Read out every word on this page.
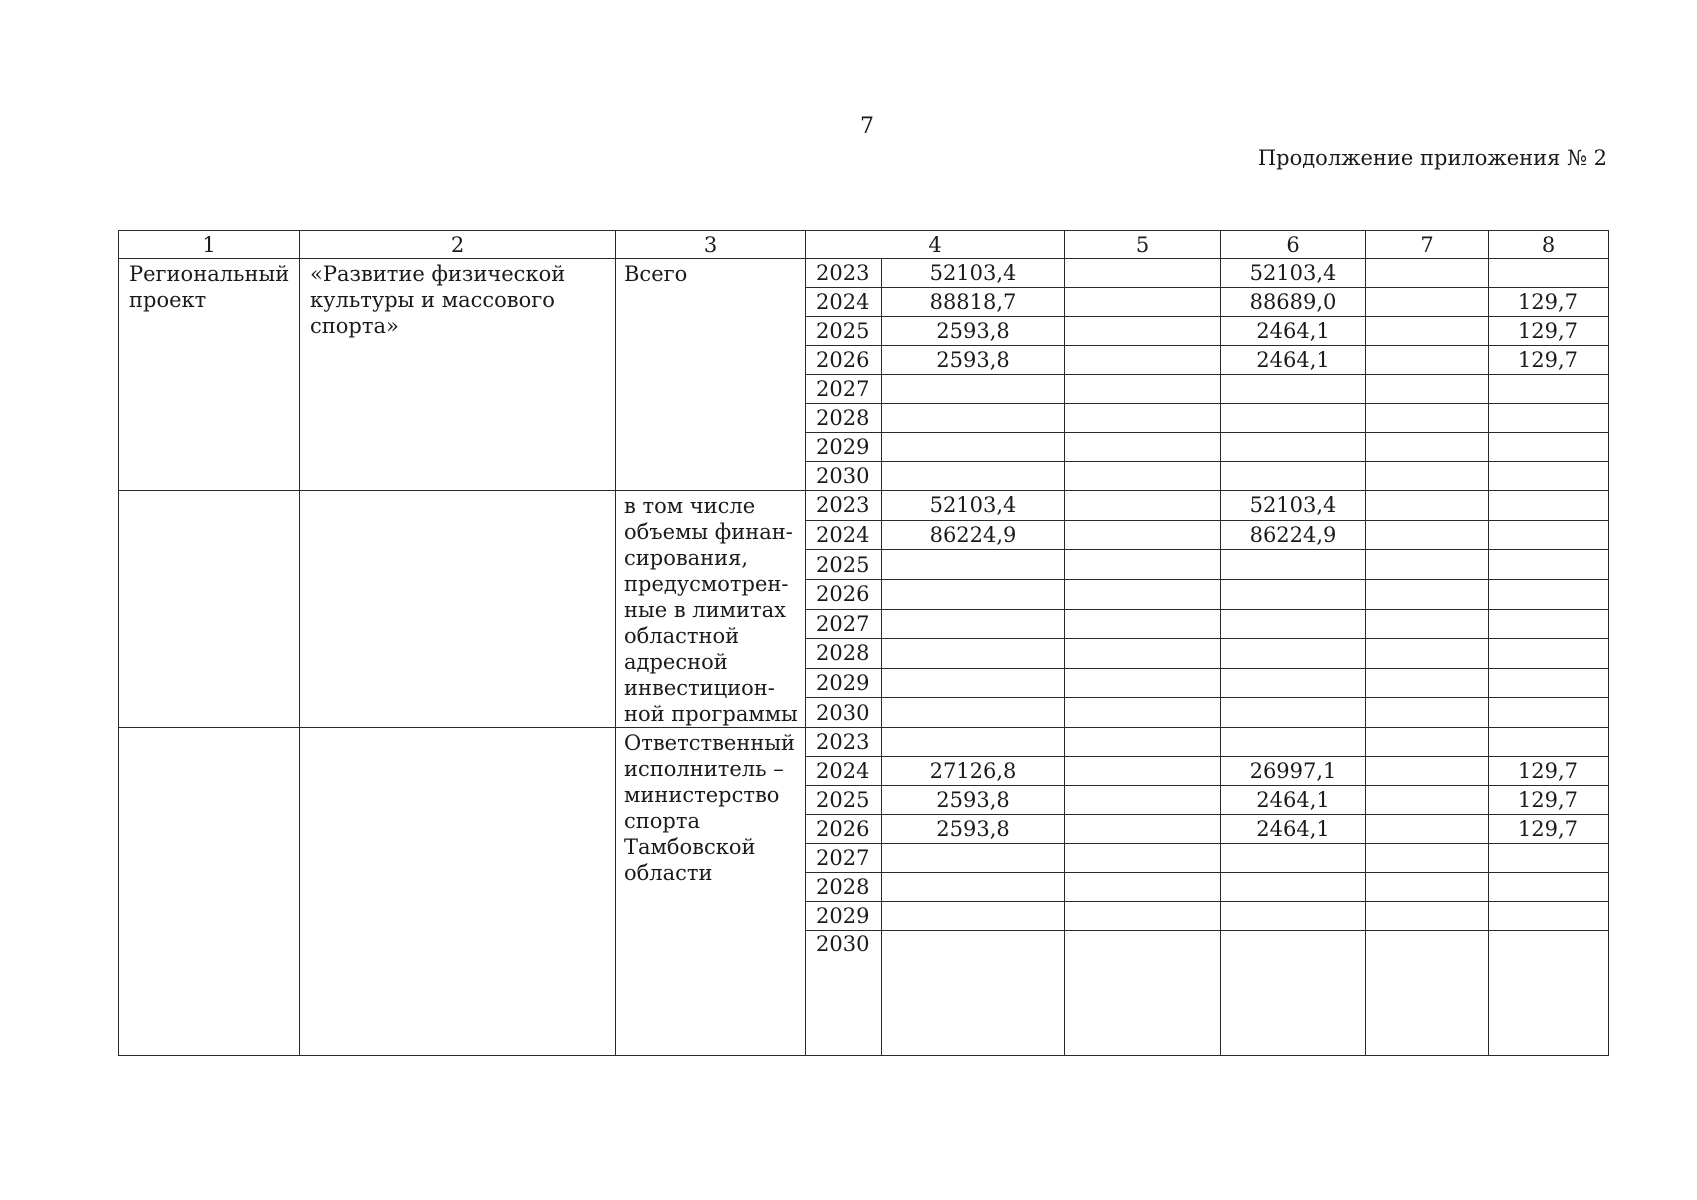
7
Продолжение приложения № 2
1	2	3	4		5	6	7	8
Региональный проект	«Развитие физической культуры и массового спорта»	Всего	2023	52103,4		52103,4		
			2024	88818,7		88689,0		129,7
			2025	2593,8		2464,1		129,7
			2026	2593,8		2464,1		129,7
			2027					
			2028					
			2029					
			2030					
		в том числе объемы финан-сирования, предусмотрен-ные в лимитах областной адресной инвестицион-ной программы	2023	52103,4		52103,4		
			2024	86224,9		86224,9		
			2025					
			2026					
			2027					
			2028					
			2029					
			2030					
		Ответственный исполнитель – министерство спорта Тамбовской области	2023					
			2024	27126,8		26997,1		129,7
			2025	2593,8		2464,1		129,7
			2026	2593,8		2464,1		129,7
			2027					
			2028					
			2029					
			2030					
